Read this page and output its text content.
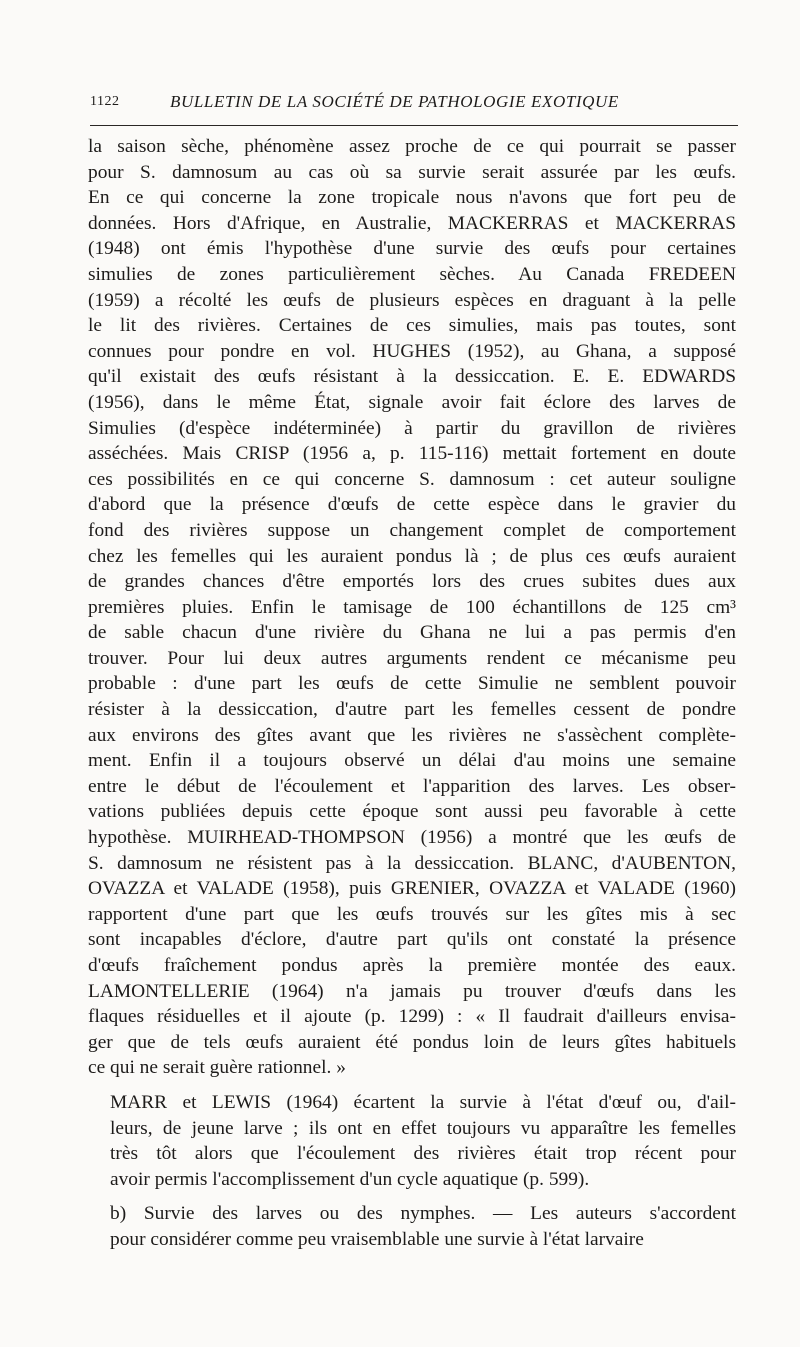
1122	BULLETIN DE LA SOCIÉTÉ DE PATHOLOGIE EXOTIQUE

la saison sèche, phénomène assez proche de ce qui pourrait se passer
pour S. damnosum au cas où sa survie serait assurée par les œufs.
En ce qui concerne la zone tropicale nous n'avons que fort peu de
données. Hors d'Afrique, en Australie, MACKERRAS et MACKERRAS
(1948) ont émis l'hypothèse d'une survie des œufs pour certaines
simulies de zones particulièrement sèches. Au Canada FREDEEN
(1959) a récolté les œufs de plusieurs espèces en draguant à la pelle
le lit des rivières. Certaines de ces simulies, mais pas toutes, sont
connues pour pondre en vol. HUGHES (1952), au Ghana, a supposé
qu'il existait des œufs résistant à la dessiccation. E. E. EDWARDS
(1956), dans le même État, signale avoir fait éclore des larves de
Simulies (d'espèce indéterminée) à partir du gravillon de rivières
asséchées. Mais CRISP (1956 a, p. 115-116) mettait fortement en doute
ces possibilités en ce qui concerne S. damnosum : cet auteur souligne
d'abord que la présence d'œufs de cette espèce dans le gravier du
fond des rivières suppose un changement complet de comportement
chez les femelles qui les auraient pondus là ; de plus ces œufs auraient
de grandes chances d'être emportés lors des crues subites dues aux
premières pluies. Enfin le tamisage de 100 échantillons de 125 cm³
de sable chacun d'une rivière du Ghana ne lui a pas permis d'en
trouver. Pour lui deux autres arguments rendent ce mécanisme peu
probable : d'une part les œufs de cette Simulie ne semblent pouvoir
résister à la dessiccation, d'autre part les femelles cessent de pondre
aux environs des gîtes avant que les rivières ne s'assèchent complète-
ment. Enfin il a toujours observé un délai d'au moins une semaine
entre le début de l'écoulement et l'apparition des larves. Les obser-
vations publiées depuis cette époque sont aussi peu favorable à cette
hypothèse. MUIRHEAD-THOMPSON (1956) a montré que les œufs de
S. damnosum ne résistent pas à la dessiccation. BLANC, d'AUBENTON,
OVAZZA et VALADE (1958), puis GRENIER, OVAZZA et VALADE (1960)
rapportent d'une part que les œufs trouvés sur les gîtes mis à sec
sont incapables d'éclore, d'autre part qu'ils ont constaté la présence
d'œufs fraîchement pondus après la première montée des eaux.
LAMONTELLERIE (1964) n'a jamais pu trouver d'œufs dans les
flaques résiduelles et il ajoute (p. 1299) : « Il faudrait d'ailleurs envisa-
ger que de tels œufs auraient été pondus loin de leurs gîtes habituels
ce qui ne serait guère rationnel. »

MARR et LEWIS (1964) écartent la survie à l'état d'œuf ou, d'ail-
leurs, de jeune larve ; ils ont en effet toujours vu apparaître les femelles
très tôt alors que l'écoulement des rivières était trop récent pour
avoir permis l'accomplissement d'un cycle aquatique (p. 599).

b) Survie des larves ou des nymphes. — Les auteurs s'accordent
pour considérer comme peu vraisemblable une survie à l'état larvaire
